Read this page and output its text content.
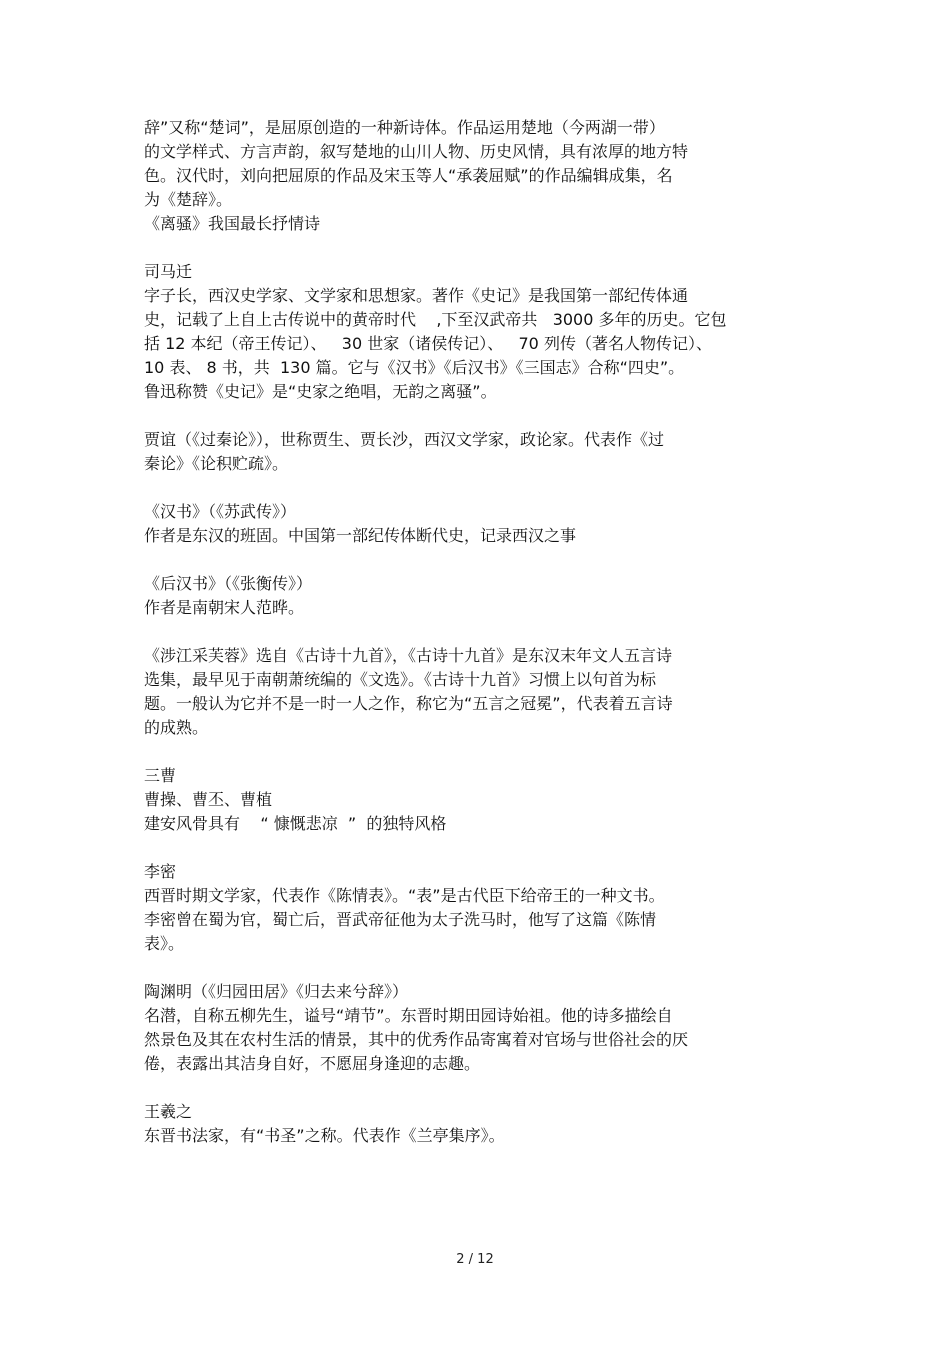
辞”又称“楚词”，是屈原创造的一种新诗体。作品运用楚地（今两湖一带）

的文学样式、方言声韵，叙写楚地的山川人物、历史风情，具有浓厚的地方特

色。汉代时，刘向把屈原的作品及宋玉等人“承袭屈赋”的作品编辑成集，名

为《楚辞》。

《离骚》我国最长抒情诗

司马迁

字子长，西汉史学家、文学家和思想家。著作《史记》是我国第一部纪传体通

史，记载了上自上古传说中的黄帝时代    ,下至汉武帝共   3000 多年的历史。它包

括 12 本纪（帝王传记）、   30 世家（诸侯传记）、   70 列传（著名人物传记）、

10 表、 8 书，共  130 篇。它与《汉书》《后汉书》《三国志》合称“四史”。

鲁迅称赞《史记》是“史家之绝唱，无韵之离骚”。

贾谊（《过秦论》），世称贾生、贾长沙，西汉文学家，政论家。代表作《过

秦论》《论积贮疏》。

《汉书》（《苏武传》）

作者是东汉的班固。中国第一部纪传体断代史，记录西汉之事

《后汉书》（《张衡传》）

作者是南朝宋人范晔。

《涉江采芙蓉》选自《古诗十九首》，《古诗十九首》是东汉末年文人五言诗

选集，最早见于南朝萧统编的《文选》。《古诗十九首》习惯上以句首为标

题。一般认为它并不是一时一人之作，称它为“五言之冠冕”，代表着五言诗

的成熟。

三曹

曹操、曹丕、曹植

建安风骨具有    “ 慷慨悲凉  ”  的独特风格

李密

西晋时期文学家，代表作《陈情表》。“表”是古代臣下给帝王的一种文书。

李密曾在蜀为官，蜀亡后，晋武帝征他为太子洗马时，他写了这篇《陈情

表》。

陶渊明（《归园田居》《归去来兮辞》）

名潜，自称五柳先生，谥号“靖节”。东晋时期田园诗始祖。他的诗多描绘自

然景色及其在农村生活的情景，其中的优秀作品寄寓着对官场与世俗社会的厌

倦，表露出其洁身自好，不愿屈身逢迎的志趣。

王羲之

东晋书法家，有“书圣”之称。代表作《兰亭集序》。

2 / 12
